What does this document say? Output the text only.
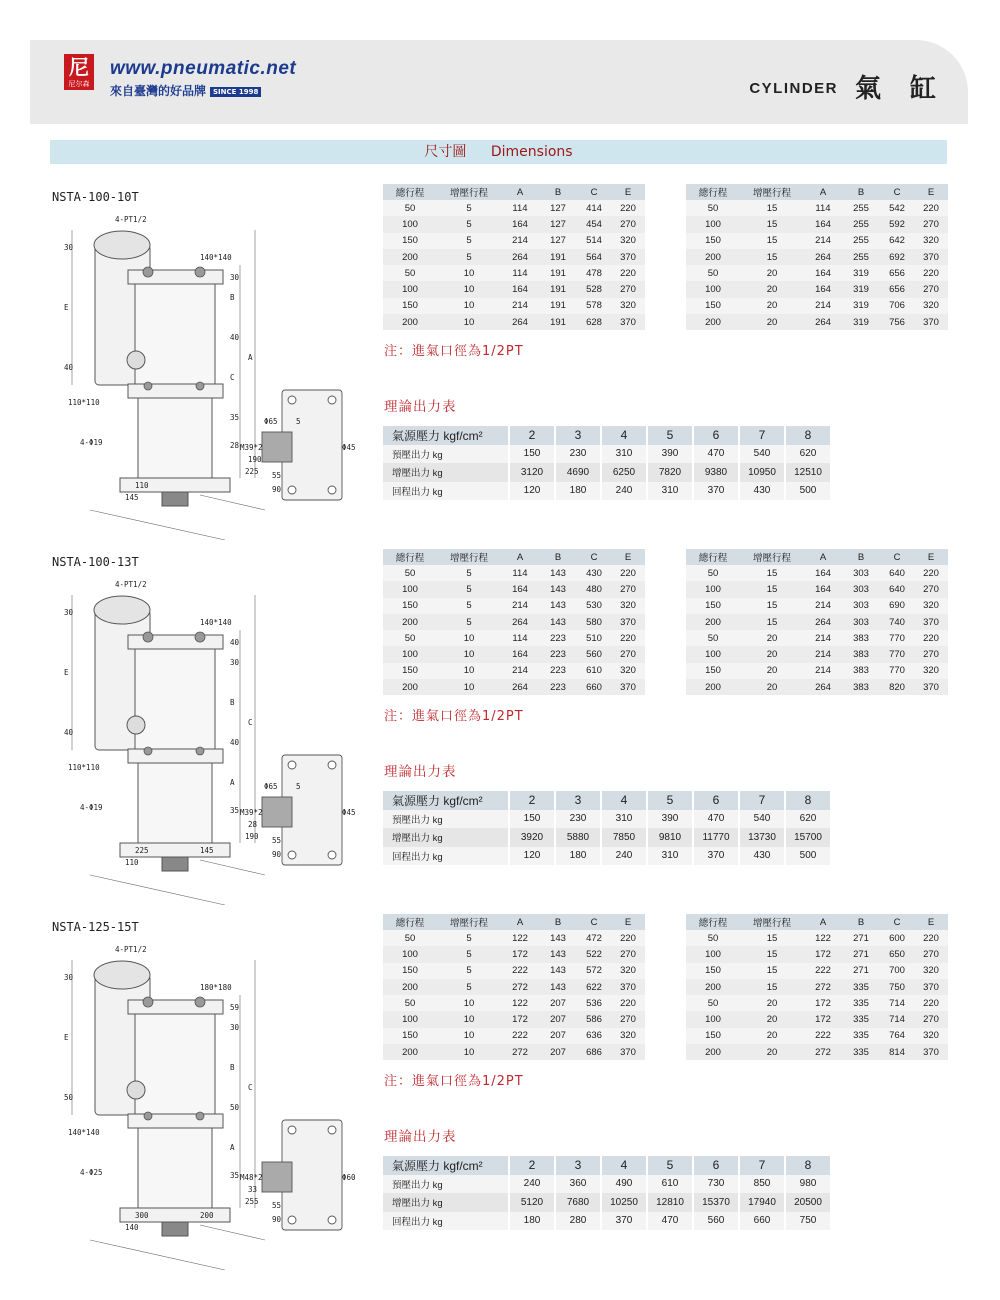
尼
尼尔森
www.pneumatic.net
來自臺灣的好品牌 SINCE 1998	CYLINDER 氣 缸
尺寸圖 Dimensions
NSTA-100-10T
4-PT1/2
140*140
110*110
4-Φ19
30
E
40
30
B
40
C
A
35
28
190
225
110
145
Φ65 5
M39*2
55
90
Φ45
總行程	增壓行程	A	B	C	E
50	5	114	127	414	220
100	5	164	127	454	270
150	5	214	127	514	320
200	5	264	191	564	370
50	10	114	191	478	220
100	10	164	191	528	270
150	10	214	191	578	320
200	10	264	191	628	370
總行程	增壓行程	A	B	C	E
50	15	114	255	542	220
100	15	164	255	592	270
150	15	214	255	642	320
200	15	264	255	692	370
50	20	164	319	656	220
100	20	164	319	656	270
150	20	214	319	706	320
200	20	264	319	756	370
注：進氣口徑為1/2PT
理論出力表
氣源壓力 kgf/cm²		2		3		4		5		6		7		8
預壓出力 kg		150		230		310		390		470		540		620
增壓出力 kg		3120		4690		6250		7820		9380		10950		12510
回程出力 kg		120		180		240		310		370		430		500
NSTA-100-13T
4-PT1/2
140*140
110*110
4-Φ19
30
E
40
40
30
B
40
C
A
35
28
190
225
110
145
Φ65 5
M39*2
55
90
Φ45
總行程	增壓行程	A	B	C	E
50	5	114	143	430	220
100	5	164	143	480	270
150	5	214	143	530	320
200	5	264	143	580	370
50	10	114	223	510	220
100	10	164	223	560	270
150	10	214	223	610	320
200	10	264	223	660	370
總行程	增壓行程	A	B	C	E
50	15	164	303	640	220
100	15	164	303	640	270
150	15	214	303	690	320
200	15	264	303	740	370
50	20	214	383	770	220
100	20	214	383	770	270
150	20	214	383	770	320
200	20	264	383	820	370
注：進氣口徑為1/2PT
理論出力表
氣源壓力 kgf/cm²		2		3		4		5		6		7		8
預壓出力 kg		150		230		310		390		470		540		620
增壓出力 kg		3920		5880		7850		9810		11770		13730		15700
回程出力 kg		120		180		240		310		370		430		500
NSTA-125-15T
4-PT1/2
180*180
140*140
4-Φ25
30
E
50
59
30
B
50
C
A
35
33
255
300
140
200
M48*2
55
90
Φ60
總行程	增壓行程	A	B	C	E
50	5	122	143	472	220
100	5	172	143	522	270
150	5	222	143	572	320
200	5	272	143	622	370
50	10	122	207	536	220
100	10	172	207	586	270
150	10	222	207	636	320
200	10	272	207	686	370
總行程	增壓行程	A	B	C	E
50	15	122	271	600	220
100	15	172	271	650	270
150	15	222	271	700	320
200	15	272	335	750	370
50	20	172	335	714	220
100	20	172	335	714	270
150	20	222	335	764	320
200	20	272	335	814	370
注：進氣口徑為1/2PT
理論出力表
氣源壓力 kgf/cm²		2		3		4		5		6		7		8
預壓出力 kg		240		360		490		610		730		850		980
增壓出力 kg		5120		7680		10250		12810		15370		17940		20500
回程出力 kg		180		280		370		470		560		660		750
